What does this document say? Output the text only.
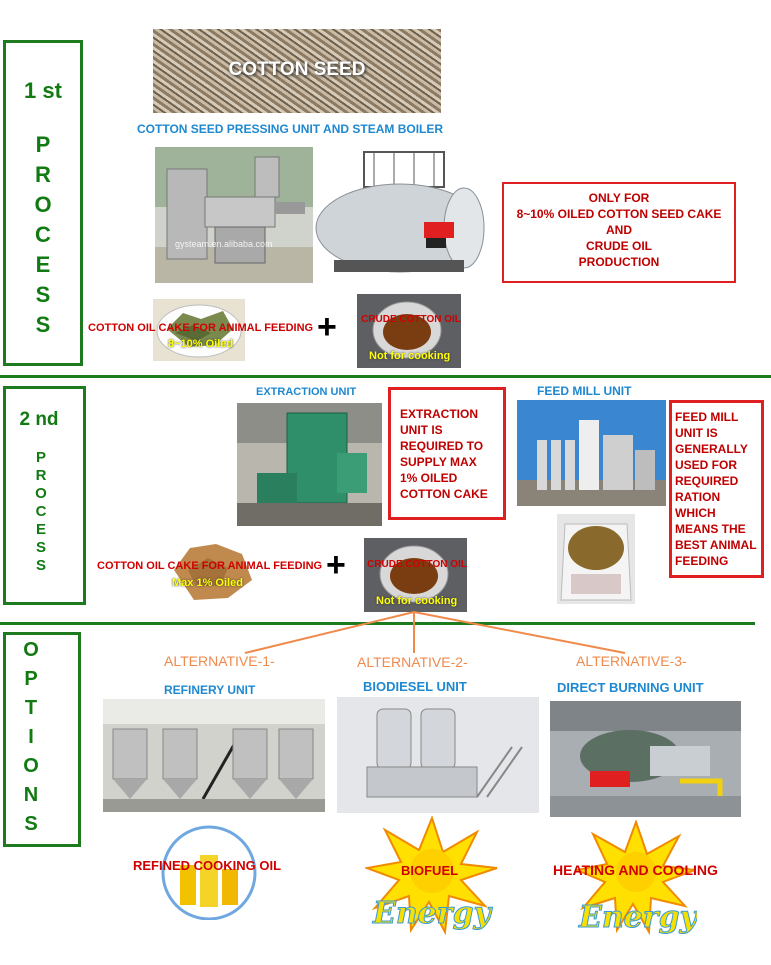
1 st
P
R
O
C
E
S
S
COTTON SEED
COTTON SEED PRESSING UNIT AND STEAM BOILER
gysteam.en.alibaba.com
ONLY FOR
8~10% OILED COTTON SEED CAKE
AND
CRUDE OIL
PRODUCTION
COTTON OIL CAKE FOR ANIMAL FEEDING
8~10% Oiled +	CRUDE COTTON OIL
Not for cooking
2 nd
P
R
O
C
E
S
S
EXTRACTION UNIT
EXTRACTION
UNIT IS
REQUIRED TO
SUPPLY MAX
1% OILED
COTTON CAKE
FEED MILL UNIT
FEED MILL
UNIT IS
GENERALLY
USED FOR
REQUIRED
RATION
WHICH
MEANS THE
BEST ANIMAL
FEEDING
COTTON OIL CAKE FOR ANIMAL FEEDING
Max 1% Oiled +	CRUDE COTTON OIL
Not for cooking
O
P
T
I
O
N
S
ALTERNATIVE-1-	ALTERNATIVE-2-	ALTERNATIVE-3-
REFINERY UNIT	BIODIESEL UNIT	DIRECT BURNING UNIT
REFINED COOKING OIL
Energy
BIOFUEL
Energy
HEATING AND COOLING
